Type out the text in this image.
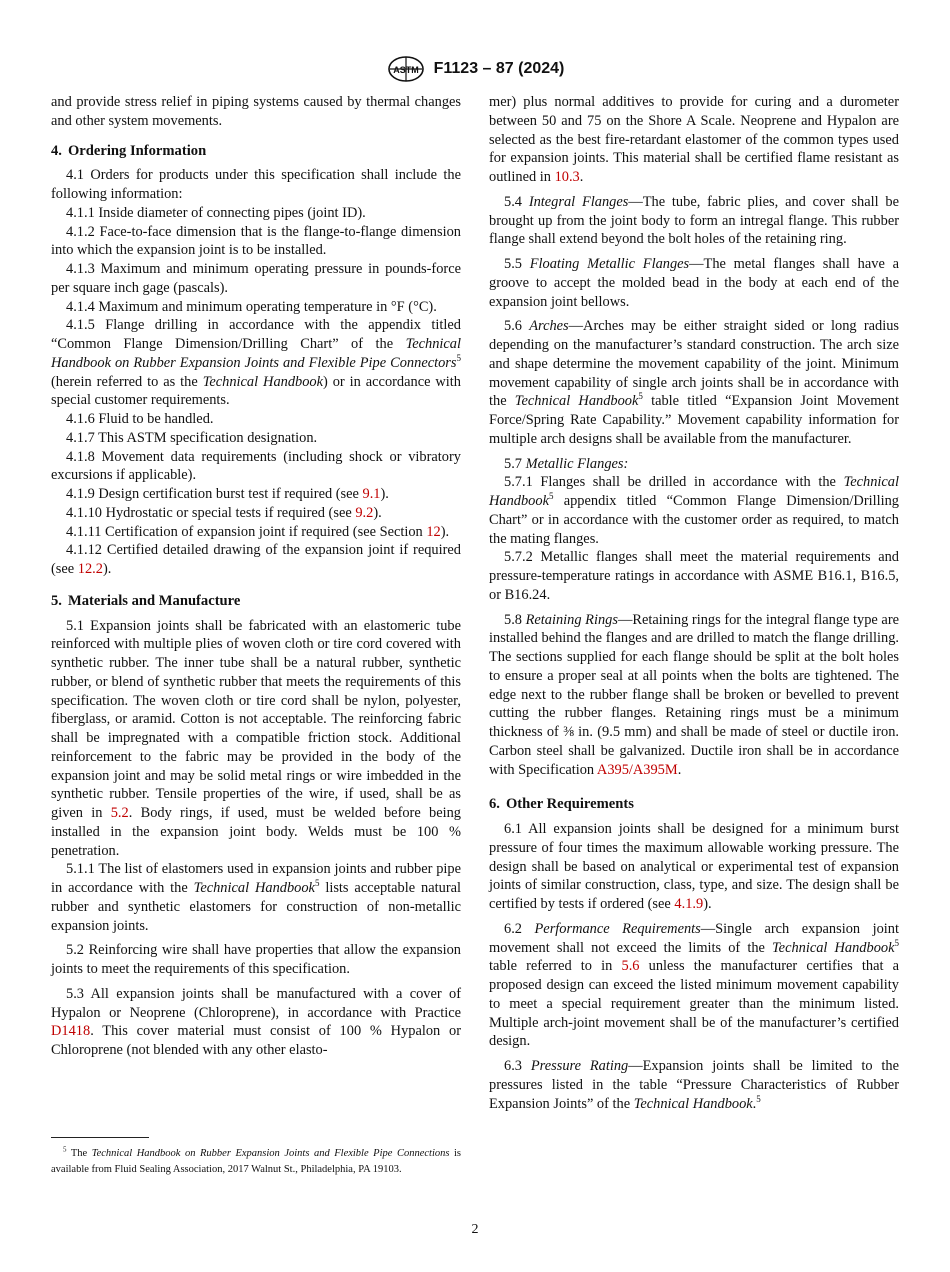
ASTM F1123 – 87 (2024)

and provide stress relief in piping systems caused by thermal changes and other system movements.

4. Ordering Information

4.1 Orders for products under this specification shall include the following information:

4.1.1 Inside diameter of connecting pipes (joint ID).

4.1.2 Face-to-face dimension that is the flange-to-flange dimension into which the expansion joint is to be installed.

4.1.3 Maximum and minimum operating pressure in pounds-force per square inch gage (pascals).

4.1.4 Maximum and minimum operating temperature in °F (°C).

4.1.5 Flange drilling in accordance with the appendix titled “Common Flange Dimension/Drilling Chart” of the Technical Handbook on Rubber Expansion Joints and Flexible Pipe Connectors$^5$ (herein referred to as the Technical Handbook) or in accordance with special customer requirements.

4.1.6 Fluid to be handled.

4.1.7 This ASTM specification designation.

4.1.8 Movement data requirements (including shock or vibratory excursions if applicable).

4.1.9 Design certification burst test if required (see 9.1).

4.1.10 Hydrostatic or special tests if required (see 9.2).

4.1.11 Certification of expansion joint if required (see Section 12).

4.1.12 Certified detailed drawing of the expansion joint if required (see 12.2).

5. Materials and Manufacture

5.1 Expansion joints shall be fabricated with an elastomeric tube reinforced with multiple plies of woven cloth or tire cord covered with synthetic rubber. The inner tube shall be a natural rubber, synthetic rubber, or blend of synthetic rubber that meets the requirements of this specification. The woven cloth or tire cord shall be nylon, polyester, fiberglass, or aramid. Cotton is not acceptable. The reinforcing fabric shall be impregnated with a compatible friction stock. Additional reinforcement to the fabric may be provided in the body of the expansion joint and may be solid metal rings or wire imbedded in the synthetic rubber. Tensile properties of the wire, if used, shall be as given in 5.2. Body rings, if used, must be welded before being installed in the expansion joint body. Welds must be 100 % penetration.

5.1.1 The list of elastomers used in expansion joints and rubber pipe in accordance with the Technical Handbook$^5$ lists acceptable natural rubber and synthetic elastomers for construction of non-metallic expansion joints.

5.2 Reinforcing wire shall have properties that allow the expansion joints to meet the requirements of this specification.

5.3 All expansion joints shall be manufactured with a cover of Hypalon or Neoprene (Chloroprene), in accordance with Practice D1418. This cover material must consist of 100 % Hypalon or Chloroprene (not blended with any other elasto-

$^5$ The Technical Handbook on Rubber Expansion Joints and Flexible Pipe Connections is available from Fluid Sealing Association, 2017 Walnut St., Philadelphia, PA 19103.

mer) plus normal additives to provide for curing and a durometer between 50 and 75 on the Shore A Scale. Neoprene and Hypalon are selected as the best fire-retardant elastomer of the common types used for expansion joints. This material shall be certified flame resistant as outlined in 10.3.

5.4 Integral Flanges—The tube, fabric plies, and cover shall be brought up from the joint body to form an intregal flange. This rubber flange shall extend beyond the bolt holes of the retaining ring.

5.5 Floating Metallic Flanges—The metal flanges shall have a groove to accept the molded bead in the body at each end of the expansion joint bellows.

5.6 Arches—Arches may be either straight sided or long radius depending on the manufacturer’s standard construction. The arch size and shape determine the movement capability of the joint. Minimum movement capability of single arch joints shall be in accordance with the Technical Handbook$^5$ table titled “Expansion Joint Movement Force/Spring Rate Capability.” Movement capability information for multiple arch designs shall be available from the manufacturer.

5.7 Metallic Flanges:

5.7.1 Flanges shall be drilled in accordance with the Technical Handbook$^5$ appendix titled “Common Flange Dimension/Drilling Chart” or in accordance with the customer order as required, to match the mating flanges.

5.7.2 Metallic flanges shall meet the material requirements and pressure-temperature ratings in accordance with ASME B16.1, B16.5, or B16.24.

5.8 Retaining Rings—Retaining rings for the integral flange type are installed behind the flanges and are drilled to match the flange drilling. The sections supplied for each flange should be split at the bolt holes to ensure a proper seal at all points when the bolts are tightened. The edge next to the rubber flange shall be broken or bevelled to prevent cutting the rubber flanges. Retaining rings must be a minimum thickness of ⅜ in. (9.5 mm) and shall be made of steel or ductile iron. Carbon steel shall be galvanized. Ductile iron shall be in accordance with Specification A395/A395M.

6. Other Requirements

6.1 All expansion joints shall be designed for a minimum burst pressure of four times the maximum allowable working pressure. The design shall be based on analytical or experimental test of expansion joints of similar construction, class, type, and size. The design shall be certified by tests if ordered (see 4.1.9).

6.2 Performance Requirements—Single arch expansion joint movement shall not exceed the limits of the Technical Handbook$^5$ table referred to in 5.6 unless the manufacturer certifies that a proposed design can exceed the listed minimum movement capability to meet a special requirement greater than the minimum listed. Multiple arch-joint movement shall be of the manufacturer’s certified design.

6.3 Pressure Rating—Expansion joints shall be limited to the pressures listed in the table “Pressure Characteristics of Rubber Expansion Joints” of the Technical Handbook.$^5$

2
